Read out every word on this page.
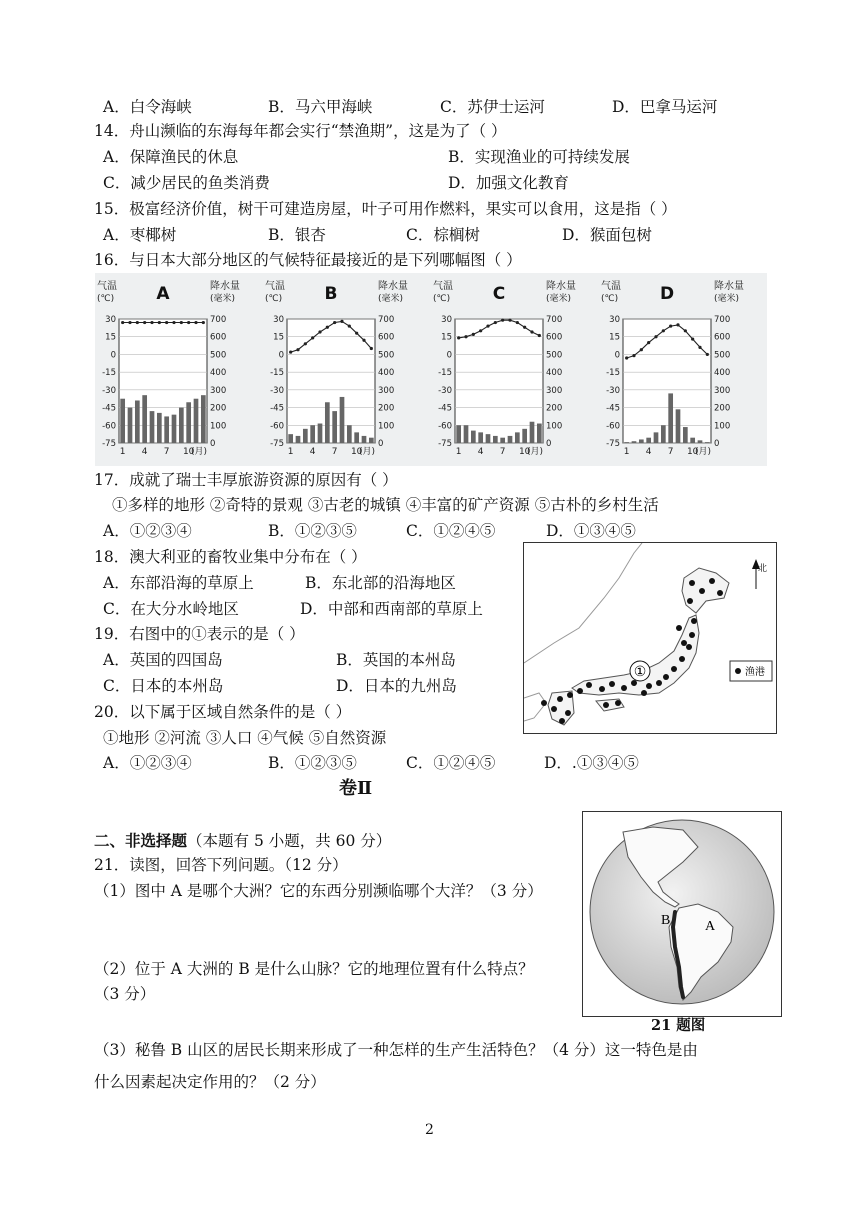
A．白令海峡	B．马六甲海峡	C．苏伊士运河	D．巴拿马运河
14．舟山濒临的东海每年都会实行“禁渔期”，这是为了（ ）
A．保障渔民的休息	B．实现渔业的可持续发展
C．减少居民的鱼类消费	D．加强文化教育
15．极富经济价值，树干可建造房屋，叶子可用作燃料，果实可以食用，这是指（ ）
A．枣椰树	B．银杏	C．棕榈树	D．猴面包树
16．与日本大部分地区的气候特征最接近的是下列哪幅图（ ）
气温
(℃)
降水量
(毫米)
A
30	700
15	600
0	500
-15	400
-30	300
-45	200
-60	100
-75	0
1 4 7 10
(月)
气温
(℃)
降水量
(毫米)
B
30	700
15	600
0	500
-15	400
-30	300
-45	200
-60	100
-75	0
1 4 7 10
(月)
气温
(℃)
降水量
(毫米)
C
30	700
15	600
0	500
-15	400
-30	300
-45	200
-60	100
-75	0
1 4 7 10
(月)
气温
(℃)
降水量
(毫米)
D
30	700
15	600
0	500
-15	400
-30	300
-45	200
-60	100
-75	0
1 4 7 10
(月)
17．成就了瑞士丰厚旅游资源的原因有（ ）
①多样的地形 ②奇特的景观 ③古老的城镇 ④丰富的矿产资源 ⑤古朴的乡村生活
A．①②③④	B．①②③⑤	C．①②④⑤	D．①③④⑤
18．澳大利亚的畜牧业集中分布在（ ）
A．东部沿海的草原上	B．东北部的沿海地区
C．在大分水岭地区	D．中部和西南部的草原上
19．右图中的①表示的是（ ）
A．英国的四国岛	B．英国的本州岛
C．日本的本州岛	D．日本的九州岛
20．以下属于区域自然条件的是（ ）
①地形 ②河流 ③人口 ④气候 ⑤自然资源
A．①②③④	B．①②③⑤	C．①②④⑤	D．.①③④⑤
①
北
渔港
卷Ⅱ
二、非选择题（本题有 5 小题，共 60 分）
21．读图，回答下列问题。（12 分）
（1）图中 A 是哪个大洲？它的东西分别濒临哪个大洋？（3 分）
（2）位于 A 大洲的 B 是什么山脉？它的地理位置有什么特点？
（3 分）
（3）秘鲁 B 山区的居民长期来形成了一种怎样的生产生活特色？（4 分）这一特色是由
什么因素起决定作用的？（2 分）
B A
21 题图
2
